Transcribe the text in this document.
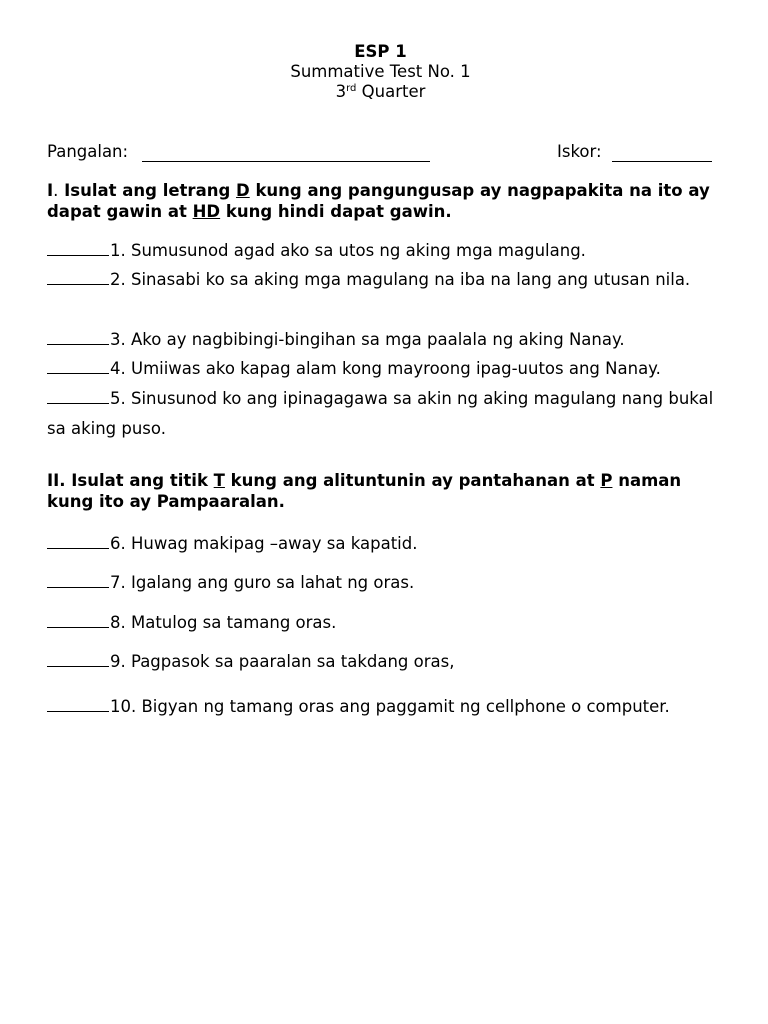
ESP 1
Summative Test No. 1
3rd Quarter
Pangalan:	Iskor:
I. Isulat ang letrang D kung ang pangungusap ay nagpapakita na ito ay dapat gawin at HD kung hindi dapat gawin.
1. Sumusunod agad ako sa utos ng aking mga magulang.
2. Sinasabi ko sa aking mga magulang na iba na lang ang utusan nila.
3. Ako ay nagbibingi-bingihan sa mga paalala ng aking Nanay.
4. Umiiwas ako kapag alam kong mayroong ipag-uutos ang Nanay.
5. Sinusunod ko ang ipinagagawa sa akin ng aking magulang nang bukal sa aking puso.
II. Isulat ang titik T kung ang alituntunin ay pantahanan at P naman kung ito ay Pampaaralan.
6. Huwag makipag –away sa kapatid.
7. Igalang ang guro sa lahat ng oras.
8. Matulog sa tamang oras.
9. Pagpasok sa paaralan sa takdang oras,
10. Bigyan ng tamang oras ang paggamit ng cellphone o computer.
